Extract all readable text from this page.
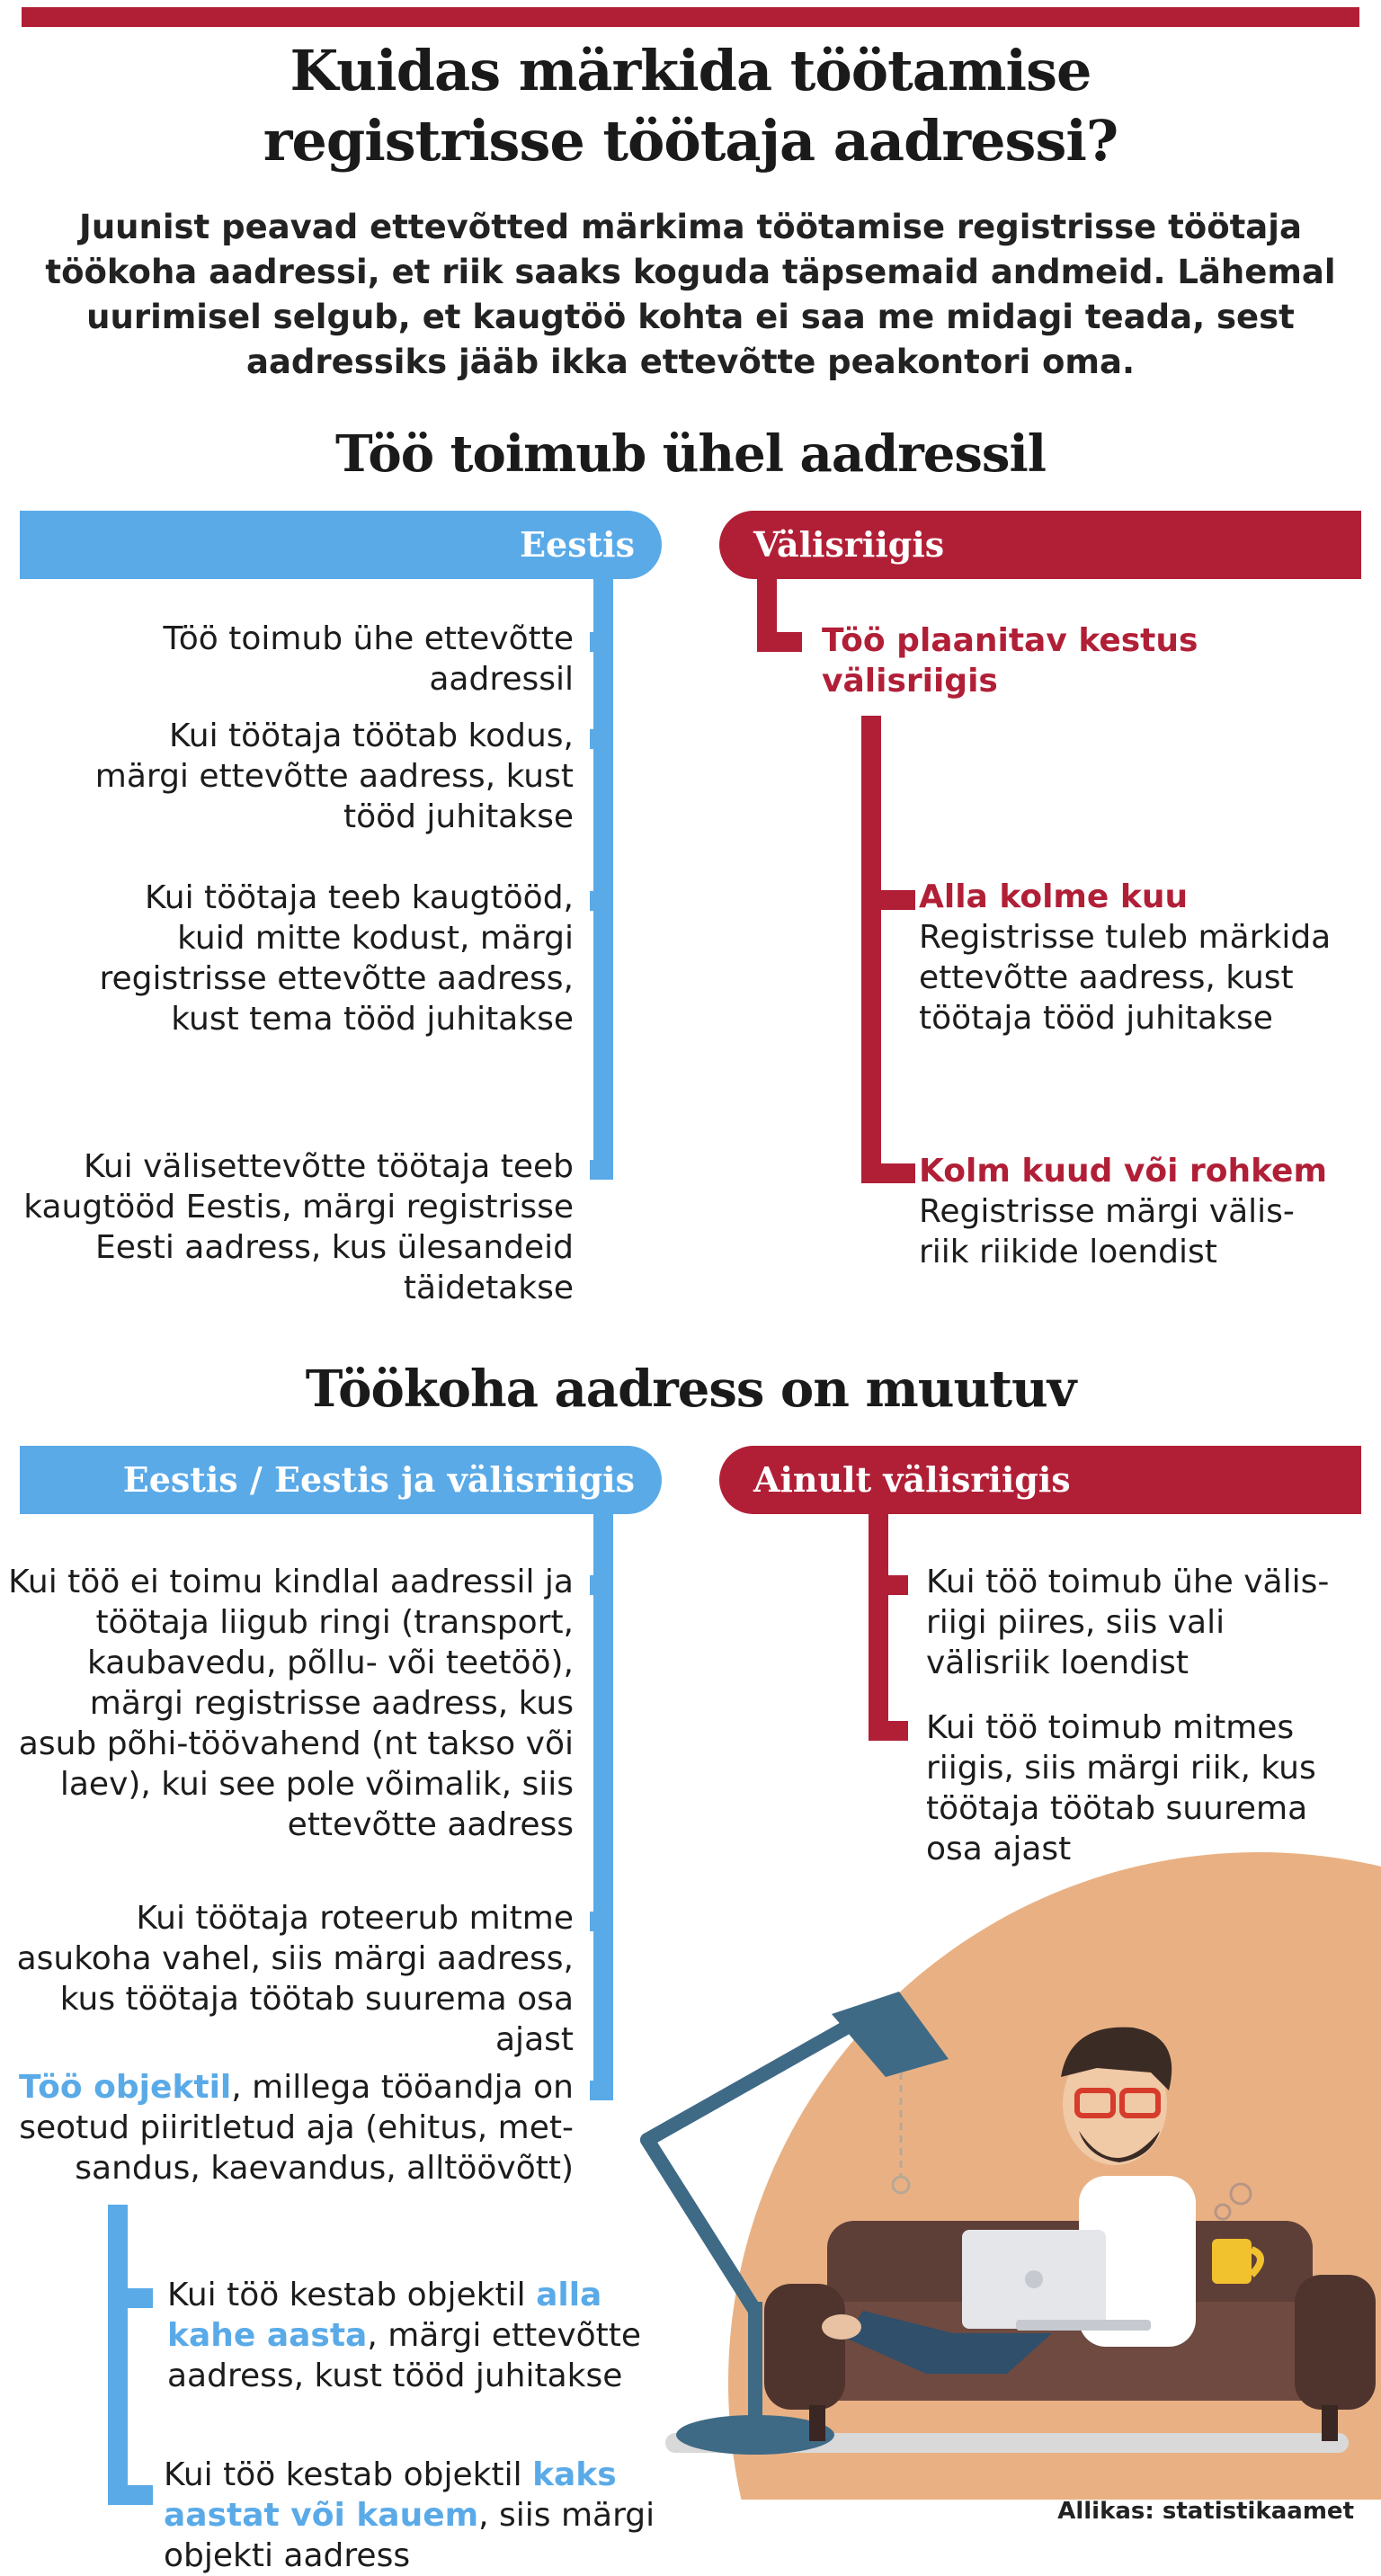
Kuidas märkida töötamise
registrisse töötaja aadressi?

Juunist peavad ettevõtted märkima töötamise registrisse töötaja töökoha aadressi, et riik saaks koguda täpsemaid andmeid. Lähemal uurimisel selgub, et kaugtöö kohta ei saa me midagi teada, sest aadressiks jääb ikka ettevõtte peakontori oma.

Töö toimub ühel aadressil
Eestis	Välisriigis
Töö toimub ühe ettevõtte aadressil
Kui töötaja töötab kodus, märgi ettevõtte aadress, kust tööd juhitakse
Kui töötaja teeb kaugtööd, kuid mitte kodust, märgi registrisse ettevõtte aadress, kust tema tööd juhitakse
Kui välisettevõtte töötaja teeb kaugtööd Eestis, märgi registrisse Eesti aadress, kus ülesandeid täidetakse
Töö plaanitav kestus välisriigis
Alla kolme kuu
Registrisse tuleb märkida ettevõtte aadress, kust töötaja tööd juhitakse
Kolm kuud või rohkem
Registrisse märgi välis-riik riikide loendist
Töökoha aadress on muutuv
Eestis / Eestis ja välisriigis	Ainult välisriigis
Kui töö ei toimu kindlal aadressil ja töötaja liigub ringi (transport, kaubavedu, põllu- või teetöö), märgi registrisse aadress, kus asub põhi-töövahend (nt takso või laev), kui see pole võimalik, siis ettevõtte aadress
Kui töötaja roteerub mitme asukoha vahel, siis märgi aadress, kus töötaja töötab suurema osa ajast
Töö objektil, millega tööandja on seotud piiritletud aja (ehitus, met-sandus, kaevandus, alltöövõtt)
Kui töö kestab objektil alla kahe aasta, märgi ettevõtte aadress, kust tööd juhitakse
Kui töö kestab objektil kaks aastat või kauem, siis märgi objekti aadress
Kui töö toimub ühe välis-riigi piires, siis vali välisriik loendist
Kui töö toimub mitmes riigis, siis märgi riik, kus töötaja töötab suurema osa ajast
Allikas: statistikaamet
